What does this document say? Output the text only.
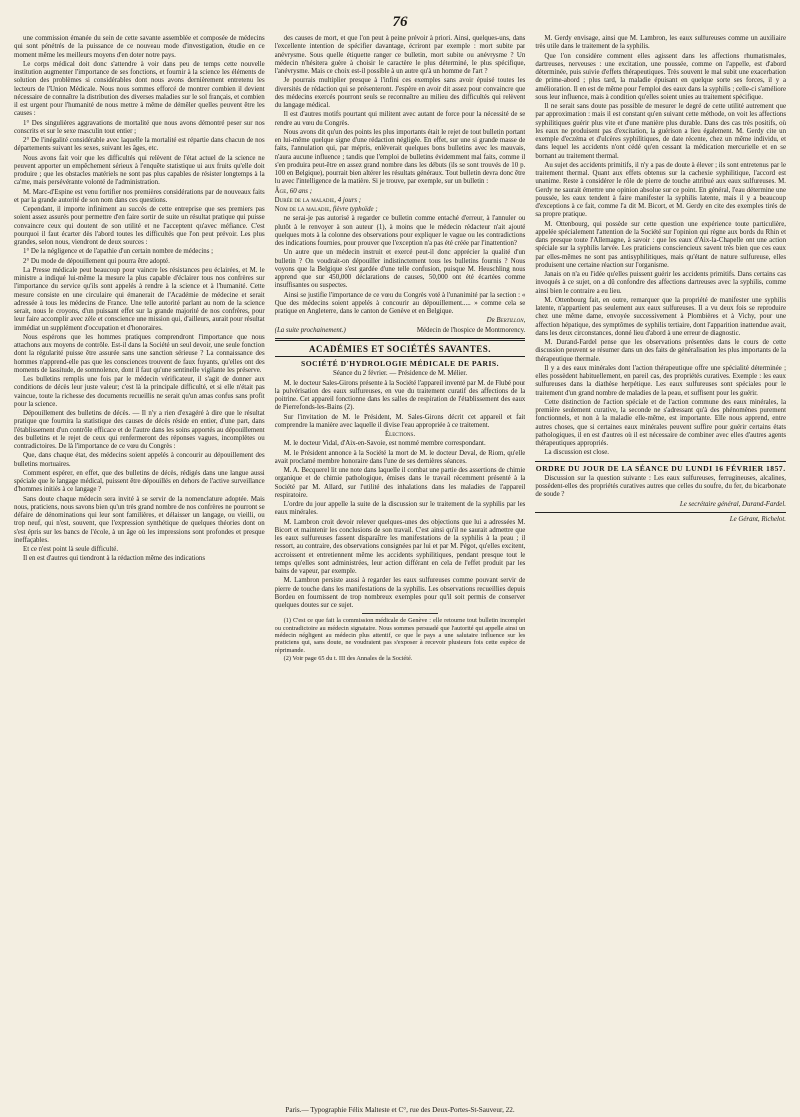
76

une commission émanée du sein de cette savante assemblée et composée de médecins qui sont pénétrés de la puissance de ce nouveau mode d'investigation, étudie en ce moment même les meilleurs moyens d'en doter notre pays.

Le corps médical doit donc s'attendre à voir dans peu de temps cette nouvelle institution augmenter l'importance de ses fonctions, et fournir à la science les éléments de solution des problèmes si considérables dont nous avons dernièrement entretenu les lecteurs de l'Union Médicale. Nous nous sommes efforcé de montrer combien il devient nécessaire de connaître la distribution des diverses maladies sur le sol français, et combien il est urgent pour l'humanité de nous mettre à même de démêler quelles peuvent être les causes :

1° Des singulières aggravations de mortalité que nous avons démontré peser sur nos conscrits et sur le sexe masculin tout entier ;

2° De l'inégalité considérable avec laquelle la mortalité est répartie dans chacun de nos départements suivant les sexes, suivant les âges, etc.

Nous avons fait voir que les difficultés qui relèvent de l'état actuel de la science ne peuvent apporter un empêchement sérieux à l'enquête statistique ui aux fruits qu'elle doit produire ; que les obstacles matériels ne sont pas plus capables de résister longtemps à la ca'me, mais persévérante volonté de l'administration.

M. Marc-d'Espine est venu fortifier nos premières considérations par de nouveaux faits et par la grande autorité de son nom dans ces questions.

Cependant, il importe infiniment au succès de cette entreprise que ses premiers pas soient assez assurés pour permettre d'en faire sortir de suite un résultat pratique qui puisse convaincre ceux qui doutent de son utilité et ne l'acceptent qu'avec méfiance. C'est pourquoi il faut écarter dès l'abord toutes les difficultés que l'on peut prévoir. Les plus grandes, selon nous, viendront de deux sources :

1° De la négligence et de l'apathie d'un certain nombre de médecins ;

2° Du mode de dépouillement qui pourra être adopté.

La Presse médicale peut beaucoup pour vaincre les résistances peu éclairées, et M. le ministre a indiqué lui-même la mesure la plus capable d'éclairer tous nos confrères sur l'importance du service qu'ils sont appelés à rendre à la science et à l'humanité. Cette mesure consiste en une circulaire qui émanerait de l'Académie de médecine et serait adressée à tous les médecins de France. Une telle autorité parlant au nom de la science serait, nous le croyons, d'un puissant effet sur la grande majorité de nos confrères, pour leur faire accomplir avec zèle et conscience une mission qui, d'ailleurs, aurait pour résultat immédiat un supplément d'occupation et d'honoraires.

Nous espérons que les hommes pratiques comprendront l'importance que nous attachons aux moyens de contrôle. Est-il dans la Société un seul devoir, une seule fonction dont la régularité puisse être assurée sans une sanction sérieuse ? La connaissance des hommes n'apprend-elle pas que les consciences trouvent de faux fuyants, qu'elles ont des moments de lassitude, de somnolence, dont il faut qu'une sentinelle vigilante les préserve.

Les bulletins remplis une fois par le médecin vérificateur, il s'agit de donner aux conditions de décès leur juste valeur; c'est là la principale difficulté, et si elle n'était pas vaincue, toute la richesse des documents recueillis ne serait qu'un amas confus sans profit pour la science.

Dépouillement des bulletins de décès. — Il n'y a rien d'exagéré à dire que le résultat pratique que fournira la statistique des causes de décès réside en entier, d'une part, dans l'établissement d'un contrôle efficace et de l'autre dans les soins apportés au dépouillement des bulletins et le rejet de ceux qui renfermeront des réponses vagues, incomplètes ou contradictoires. De là l'importance de ce vœu du Congrès :

Que, dans chaque état, des médecins soient appelés à concourir au dépouillement des bulletins mortuaires.

Comment espérer, en effet, que des bulletins de décès, rédigés dans une langue aussi spéciale que le langage médical, puissent être dépouillés en dehors de l'active surveillance d'hommes initiés à ce langage ?

Sans doute chaque médecin sera invité à se servir de la nomenclature adoptée. Mais nous, praticiens, nous savons bien qu'un très grand nombre de nos confrères ne pourront se défaire de dénominations qui leur sont familières, et délaisser un langage, ou vieilli, ou trop neuf, qui n'est, souvent, que l'expression synthétique de quelques théories dont on s'est épris sur les bancs de l'école, à un âge où les impressions sont profondes et presque ineffaçables.

Et ce n'est point là seule difficulté.

Il en est d'autres qui tiendront à la rédaction même des indications

des causes de mort, et que l'on peut à peine prévoir à priori. Ainsi, quelques-uns, dans l'excellente intention de spécifier davantage, écriront par exemple : mort subite par anévrysme. Sous quelle étiquette ranger ce bulletin, mort subite ou anévrysme ? Un médecin n'hésitera guère à choisir le caractère le plus déterminé, le plus spécifique, l'anévrysme. Mais ce choix est-il possible à un autre qu'à un homme de l'art ?

Je pourrais multiplier presque à l'infini ces exemples sans avoir épuisé toutes les diversités de rédaction qui se présenteront. J'espère en avoir dit assez pour convaincre que des médecins exercés pourront seuls se reconnaître au milieu des difficultés qui relèvent du langage médical.

Il est d'autres motifs pourtant qui militent avec autant de force pour la nécessité de se rendre au vœu du Congrès.

Nous avons dit qu'un des points les plus importants était le rejet de tout bulletin portant en lui-même quelque signe d'une rédaction négligée. En effet, sur une si grande masse de faits, l'annulation qui, par mépris, enlèverait quelques bons bulletins avec les mauvais, n'aura aucune influence ; tandis que l'emploi de bulletins évidemment mal faits, comme il s'en produira peut-être en assez grand nombre dans les débuts (ils se sont trouvés de 10 p. 100 en Belgique), pourrait bien altérer les résultats généraux. Tout bulletin devra donc être lu avec l'intelligence de la matière. Si je trouve, par exemple, sur un bulletin :

Âge, 60 ans ;

Durée de la maladie, 4 jours ;

Nom de la maladie, fièvre typhoïde ;

ne serai-je pas autorisé à regarder ce bulletin comme entaché d'erreur, à l'annuler ou plutôt à le renvoyer à son auteur (1), à moins que le médecin rédacteur n'ait ajouté quelques mots à la colonne des observations pour expliquer le vague ou les contradictions des indications fournies, pour prouver que l'exception n'a pas été créée par l'inattention?

Un autre que un médecin instruit et exercé peut-il donc apprécier la qualité d'un bulletin ? On voudrait-on dépouiller indistinctement tous les bulletins fournis ? Nous voyons que la Belgique s'est gardée d'une telle confusion, puisque M. Heuschling nous apprend que sur 450,000 déclarations de causes, 50,000 ont été écartées comme insuffisantes ou suspectes.

Ainsi se justifie l'importance de ce vœu du Congrès voté à l'unanimité par la section : « Que des médecins soient appelés à concourir au dépouillement..... » comme cela se pratique en Angleterre, dans le canton de Genève et en Belgique.

Dr Bertillon,

(La suite prochainement.)	Médecin de l'hospice de Montmorency.
ACADÉMIES ET SOCIÉTÉS SAVANTES.
SOCIÉTÉ D'HYDROLOGIE MÉDICALE DE PARIS.

Séance du 2 février. — Présidence de M. Mélier.

M. le docteur Sales-Girons présente à la Société l'appareil inventé par M. de Flubé pour la pulvérisation des eaux sulfureuses, en vue du traitement curatif des affections de la poitrine. Cet appareil fonctionne dans les salles de respiration de l'établissement des eaux de Pierrefonds-les-Bains (2).

Sur l'invitation de M. le Président, M. Sales-Girons décrit cet appareil et fait comprendre la manière avec laquelle il divise l'eau appropriée à ce traitement.

Élections.

M. le docteur Vidal, d'Aix-en-Savoie, est nommé membre correspondant.

M. le Président annonce à la Société la mort de M. le docteur Deval, de Riom, qu'elle avait proclamé membre honoraire dans l'une de ses dernières séances.

M. A. Becquerel lit une note dans laquelle il combat une partie des assertions de chimie organique et de chimie pathologique, émises dans le travail récemment présenté à la Société par M. Allard, sur l'utilité des inhalations dans les maladies de l'appareil respiratoire.

L'ordre du jour appelle la suite de la discussion sur le traitement de la syphilis par les eaux minérales.

M. Lambron croit devoir relever quelques-unes des objections que lui a adressées M. Bicort et maintenir les conclusions de son travail. C'est ainsi qu'il ne saurait admettre que les eaux sulfureuses fassent disparaître les manifestations de la syphilis à la peau ; il ressort, au contraire, des observations consignées par lui et par M. Pégot, qu'elles excitent, accroissent et entretiennent même les accidents syphilitiques, pendant presque tout le temps qu'elles sont administrées, leur action différant en cela de l'effet produit par les bains de vapeur, par exemple.

M. Lambron persiste aussi à regarder les eaux sulfureuses comme pouvant servir de pierre de touche dans les manifestations de la syphilis. Les observations recueillies depuis Bordeu en fournissent de trop nombreux exemples pour qu'il soit permis de conserver quelques doutes sur ce sujet.

(1) C'est ce que fait la commission médicale de Genève : elle retourne tout bulletin incomplet ou contradictoire au médecin signataire. Nous sommes persuadé que l'autorité qui appelle ainsi un médecin négligent au médecin plus attentif, ce que le pays a une salutaire influence sur les praticiens qui, sans doute, ne voudraient pas s'exposer à recevoir plusieurs fois cette espèce de réprimande.

(2) Voir page 65 du t. III des Annales de la Société.

M. Gerdy envisage, ainsi que M. Lambron, les eaux sulfureuses comme un auxiliaire très utile dans le traitement de la syphilis.

Que l'on considère comment elles agissent dans les affections rhumatismales, dartreuses, nerveuses : une excitation, une poussée, comme on l'appelle, est d'abord déterminée, puis suivie d'effets thérapeutiques. Très souvent le mal subit une exacerbation de prime-abord ; plus tard, la maladie épuisant en quelque sorte ses forces, il y a amélioration. Il en est de même pour l'emploi des eaux dans la syphilis ; celle-ci s'améliore sous leur influence, mais à condition qu'elles soient unies au traitement spécifique.

Il ne serait sans doute pas possible de mesurer le degré de cette utilité autrement que par approximation : mais il est constant qu'en suivant cette méthode, on voit les affections syphilitiques guérir plus vite et d'une manière plus durable. Dans des cas très positifs, où les eaux ne produisent pas d'excitation, la guérison a lieu également. M. Gerdy cite un exemple d'eczéma et d'ulcères syphilitiques, de date récente, chez un même individu, et dans lequel les accidents n'ont cédé qu'en cessant la médication mercurielle et en se bornant au traitement thermal.

Au sujet des accidents primitifs, il n'y a pas de doute à élever ; ils sont entretenus par le traitement thermal. Quant aux effets obtenus sur la cachexie syphilitique, l'accord est unanime. Reste à considérer le rôle de pierre de touche attribué aux eaux sulfureuses. M. Gerdy ne saurait émettre une opinion absolue sur ce point. En général, l'eau détermine une poussée, les eaux tendent à faire manifester la syphilis latente, mais il y a beaucoup d'exceptions à ce fait, comme l'a dit M. Bicort, et M. Gerdy en cite des exemples tirés de sa propre pratique.

M. Ottenbourg, qui possède sur cette question une expérience toute particulière, appelée spécialement l'attention de la Société sur l'opinion qui règne aux bords du Rhin et dans presque toute l'Allemagne, à savoir : que les eaux d'Aix-la-Chapelle ont une action spéciale sur la syphilis larvée. Les praticiens consciencieux savent très bien que ces eaux par elles-mêmes ne sont pas antisyphilitiques, mais qu'étant de nature sulfureuse, elles produisent une certaine réaction sur l'organisme.

Janais on n'a eu l'idée qu'elles puissent guérir les accidents primitifs. Dans certains cas invoqués à ce sujet, on a dû confondre des affections dartreuses avec la syphilis, comme ainsi bien le contraire a eu lieu.

M. Ottenbourg fait, en outre, remarquer que la propriété de manifester une syphilis latente, n'appartient pas seulement aux eaux sulfureuses. Il a vu deux fois se reproduire chez une même dame, envoyée successivement à Plombières et à Vichy, pour une affection hépatique, des symptômes de syphilis tertiaire, dont l'apparition inattendue avait, dans les deux circonstances, donné lieu d'abord à une erreur de diagnostic.

M. Durand-Fardel pense que les observations présentées dans le cours de cette discussion peuvent se résumer dans un des faits de généralisation les plus importants de la thérapeutique thermale.

Il y a des eaux minérales dont l'action thérapeutique offre une spécialité déterminée ; elles possèdent habituellement, en pareil cas, des propriétés curatives. Exemple : les eaux sulfureuses dans la diathèse herpétique. Les eaux sulfureuses sont spéciales pour le traitement d'un grand nombre de maladies de la peau, et suffisent pour les guérir.

Cette distinction de l'action spéciale et de l'action commune des eaux minérales, la première seulement curative, la seconde ne s'adressant qu'à des phénomènes purement fonctionnels, et non à la maladie elle-même, est importante. Elle nous apprend, entre autres choses, que si certaines eaux minérales peuvent suffire pour guérir certains états pathologiques, il en est d'autres où il est nécessaire de combiner avec elles d'autres agents thérapeutiques appropriés.

La discussion est close.

ORDRE DU JOUR DE LA SÉANCE DU LUNDI 16 FÉVRIER 1857.

Discussion sur la question suivante : Les eaux sulfureuses, ferrugineuses, alcalines, possèdent-elles des propriétés curatives autres que celles du soufre, du fer, du bicarbonate de soude ?

Le secrétaire général, Durand-Fardel.

Le Gérant, Richelot.

Paris.— Typographie Félix Malteste et C°, rue des Deux-Portes-St-Sauveur, 22.
